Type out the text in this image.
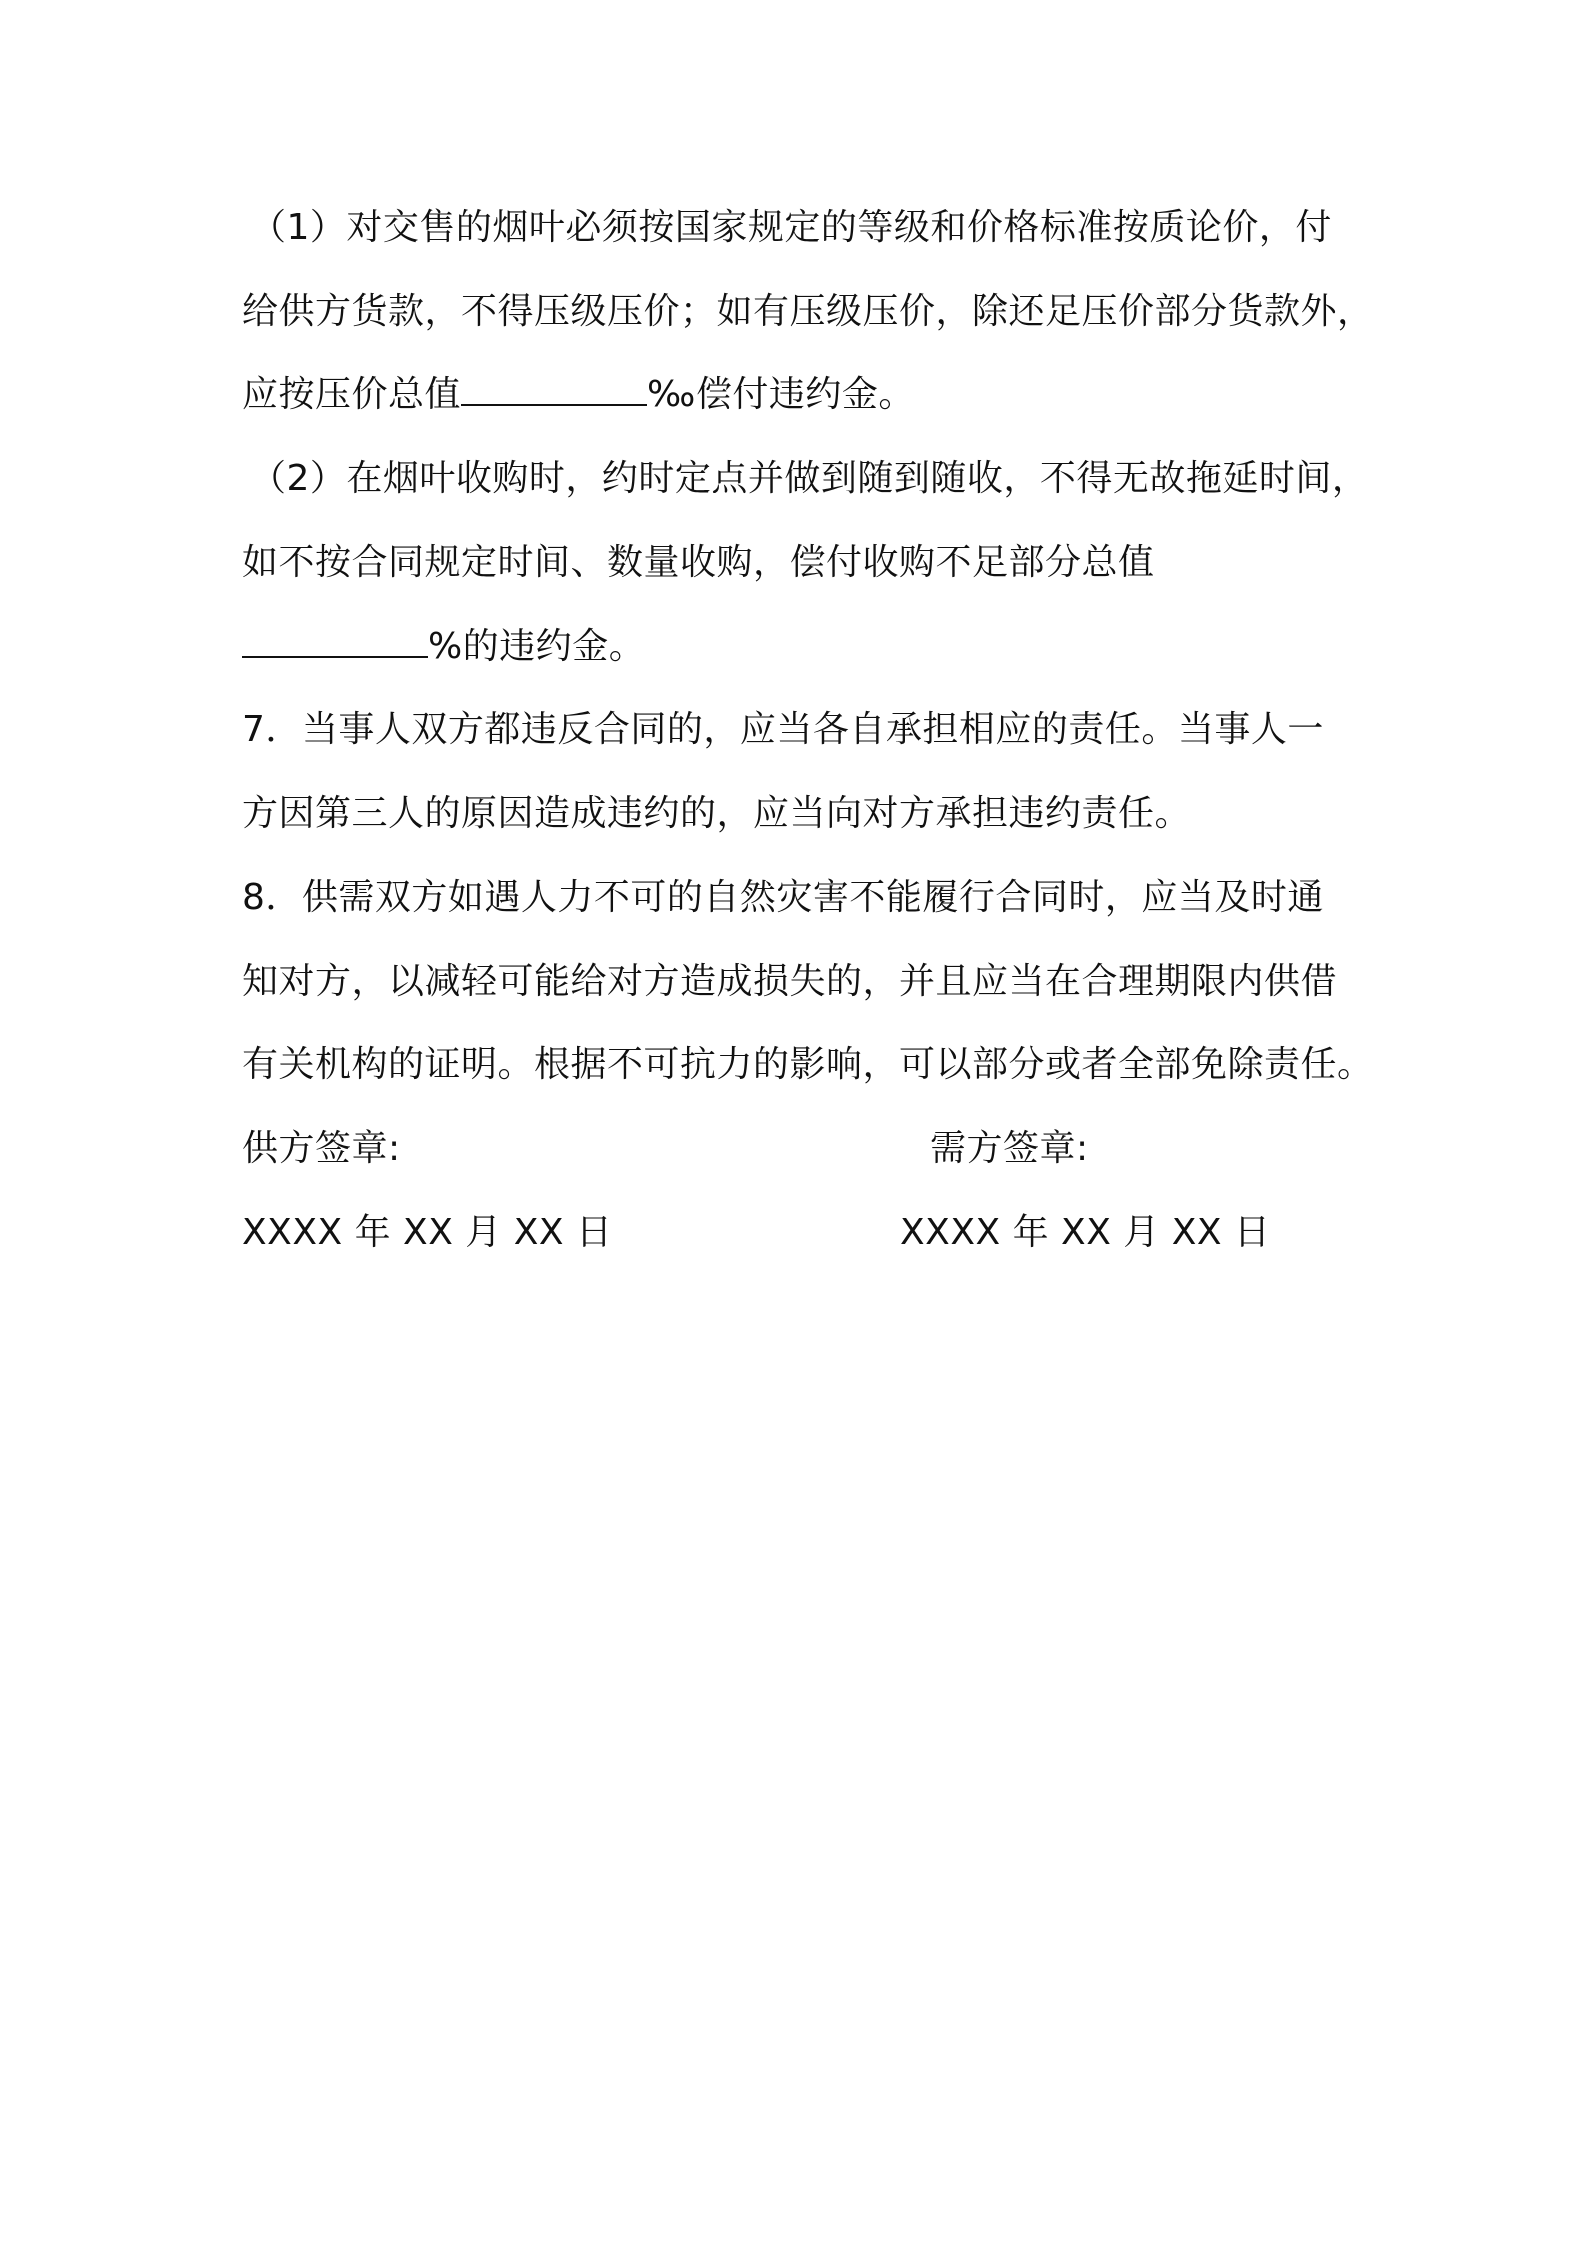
（1）对交售的烟叶必须按国家规定的等级和价格标准按质论价，付
给供方货款，不得压级压价；如有压级压价，除还足压价部分货款外，
应按压价总值	‰偿付违约金。
（2）在烟叶收购时，约时定点并做到随到随收，不得无故拖延时间，
如不按合同规定时间、数量收购，偿付收购不足部分总值
%的违约金。
7．当事人双方都违反合同的，应当各自承担相应的责任。当事人一
方因第三人的原因造成违约的，应当向对方承担违约责任。
8．供需双方如遇人力不可的自然灾害不能履行合同时，应当及时通
知对方，以减轻可能给对方造成损失的，并且应当在合理期限内供借
有关机构的证明。根据不可抗力的影响，可以部分或者全部免除责任。
供方签章:	需方签章:
XXXX 年 XX 月 XX 日	XXXX 年 XX 月 XX 日
